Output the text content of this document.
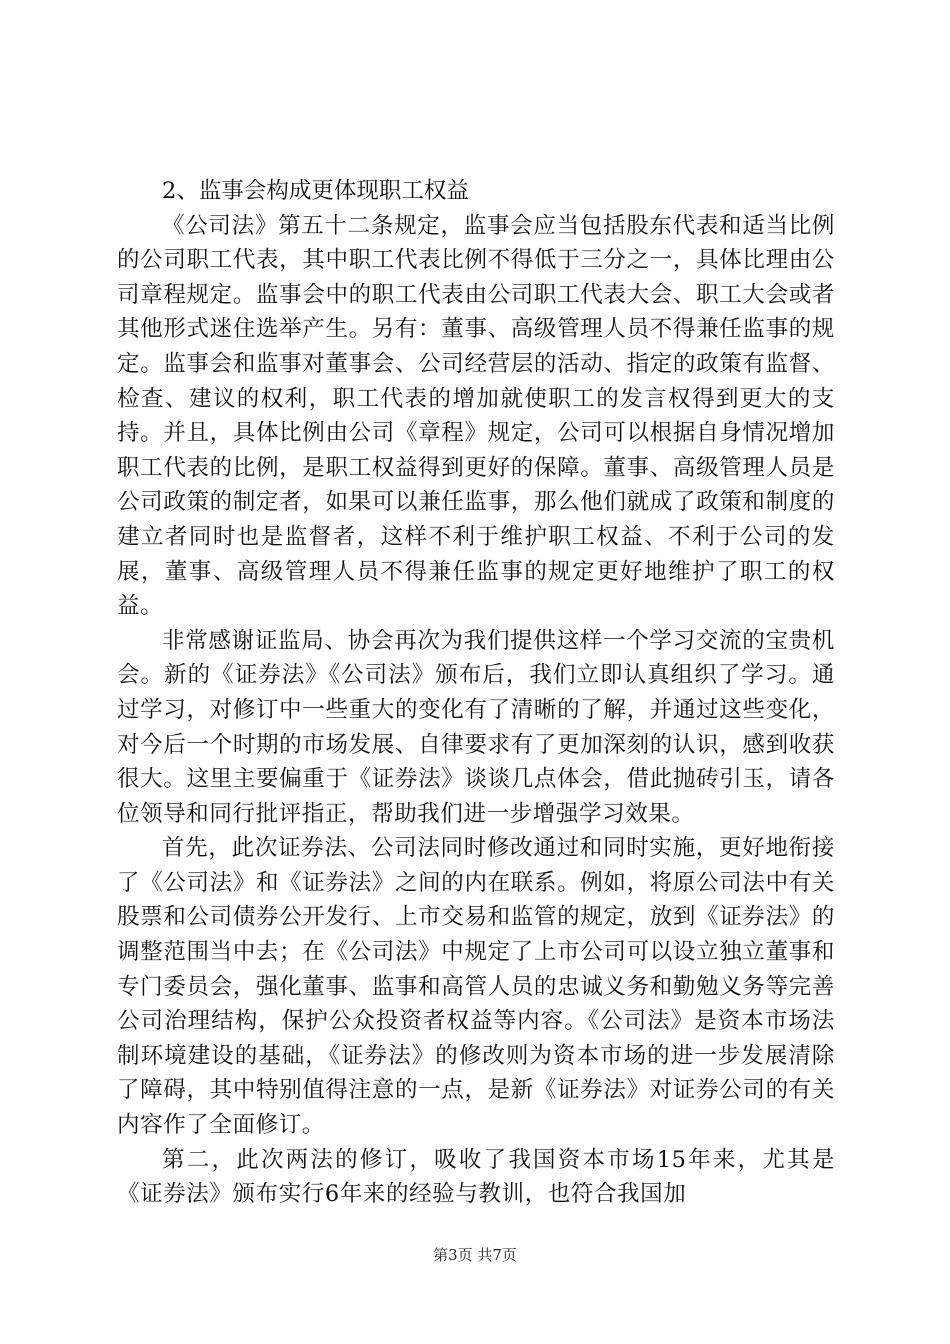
2、监事会构成更体现职工权益

《公司法》第五十二条规定，监事会应当包括股东代表和适当比例的公司职工代表，其中职工代表比例不得低于三分之一，具体比理由公司章程规定。监事会中的职工代表由公司职工代表大会、职工大会或者其他形式迷住选举产生。另有：董事、高级管理人员不得兼任监事的规定。监事会和监事对董事会、公司经营层的活动、指定的政策有监督、检查、建议的权利，职工代表的增加就使职工的发言权得到更大的支持。并且，具体比例由公司《章程》规定，公司可以根据自身情况增加职工代表的比例，是职工权益得到更好的保障。董事、高级管理人员是公司政策的制定者，如果可以兼任监事，那么他们就成了政策和制度的建立者同时也是监督者，这样不利于维护职工权益、不利于公司的发展，董事、高级管理人员不得兼任监事的规定更好地维护了职工的权益。

非常感谢证监局、协会再次为我们提供这样一个学习交流的宝贵机会。新的《证券法》《公司法》颁布后，我们立即认真组织了学习。通过学习，对修订中一些重大的变化有了清晰的了解，并通过这些变化，对今后一个时期的市场发展、自律要求有了更加深刻的认识，感到收获很大。这里主要偏重于《证券法》谈谈几点体会，借此抛砖引玉，请各位领导和同行批评指正，帮助我们进一步增强学习效果。

首先，此次证券法、公司法同时修改通过和同时实施，更好地衔接了《公司法》和《证券法》之间的内在联系。例如，将原公司法中有关股票和公司债券公开发行、上市交易和监管的规定，放到《证券法》的调整范围当中去；在《公司法》中规定了上市公司可以设立独立董事和专门委员会，强化董事、监事和高管人员的忠诚义务和勤勉义务等完善公司治理结构，保护公众投资者权益等内容。《公司法》是资本市场法制环境建设的基础，《证券法》的修改则为资本市场的进一步发展清除了障碍，其中特别值得注意的一点，是新《证券法》对证券公司的有关内容作了全面修订。

第二，此次两法的修订，吸收了我国资本市场15年来，尤其是《证券法》颁布实行6年来的经验与教训，也符合我国加

第3页 共7页
